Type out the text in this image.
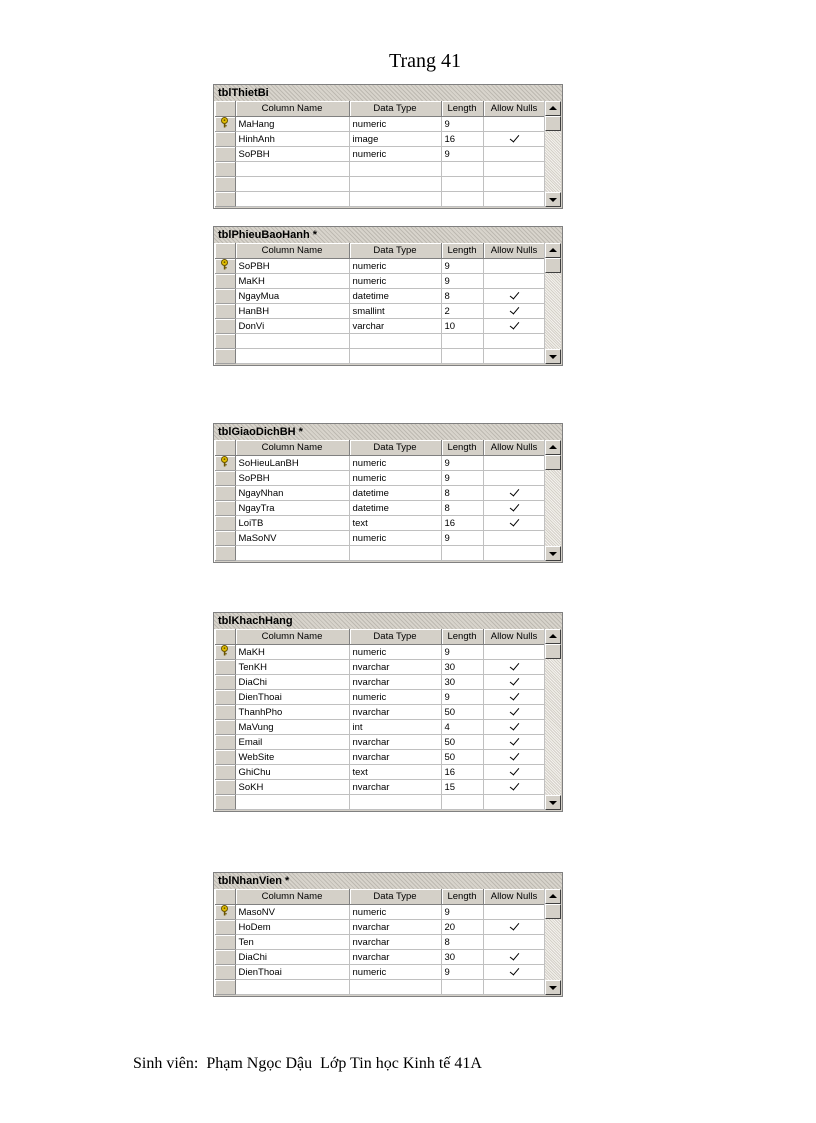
Trang 41
tblThietBi
	Column Name	Data Type	Length	Allow Nulls
	MaHang	numeric	9	
	HinhAnh	image	16	
	SoPBH	numeric	9	

tblPhieuBaoHanh *
	Column Name	Data Type	Length	Allow Nulls
	SoPBH	numeric	9	
	MaKH	numeric	9	
	NgayMua	datetime	8	
	HanBH	smallint	2	
	DonVi	varchar	10	

tblGiaoDichBH *
	Column Name	Data Type	Length	Allow Nulls
	SoHieuLanBH	numeric	9	
	SoPBH	numeric	9	
	NgayNhan	datetime	8	
	NgayTra	datetime	8	
	LoiTB	text	16	
	MaSoNV	numeric	9	

tblKhachHang
	Column Name	Data Type	Length	Allow Nulls
	MaKH	numeric	9	
	TenKH	nvarchar	30	
	DiaChi	nvarchar	30	
	DienThoai	numeric	9	
	ThanhPho	nvarchar	50	
	MaVung	int	4	
	Email	nvarchar	50	
	WebSite	nvarchar	50	
	GhiChu	text	16	
	SoKH	nvarchar	15	

tblNhanVien *
	Column Name	Data Type	Length	Allow Nulls
	MasoNV	numeric	9	
	HoDem	nvarchar	20	
	Ten	nvarchar	8	
	DiaChi	nvarchar	30	
	DienThoai	numeric	9	

Sinh viên: Phạm Ngọc Dậu Lớp Tin học Kinh tế 41A
